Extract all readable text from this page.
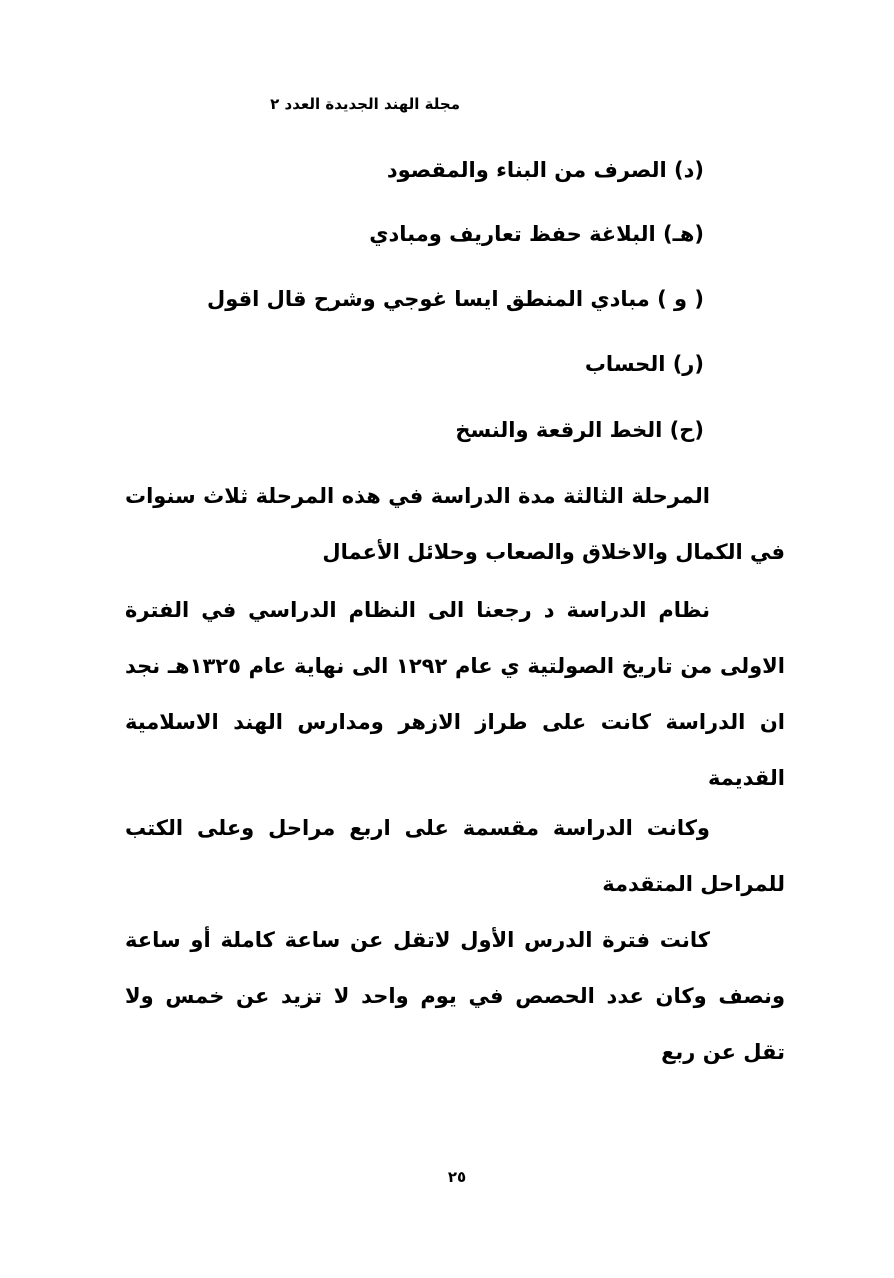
مجلة الهند الجديدة العدد ٢
(د) الصرف من البناء والمقصود
(هـ) البلاغة حفظ تعاريف ومبادي
( و ) مبادي المنطق ايسا غوجي وشرح قال اقول
(ر) الحساب
(ح) الخط الرقعة والنسخ
المرحلة الثالثة مدة الدراسة في هذه المرحلة ثلاث سنوات في الكمال والاخلاق والصعاب وحلائل الأعمال
نظام الدراسة د رجعنا الى النظام الدراسي في الفترة الاولى من تاريخ الصولتية ي عام ١٢٩٢ الى نهاية عام ١٣٢٥هـ نجد ان الدراسة كانت على طراز الازهر ومدارس الهند الاسلامية القديمة
وكانت الدراسة مقسمة على اربع مراحل وعلى الكتب للمراحل المتقدمة
كانت فترة الدرس الأول لاتقل عن ساعة كاملة أو ساعة ونصف وكان عدد الحصص في يوم واحد لا تزيد عن خمس ولا تقل عن ربع
٢٥
